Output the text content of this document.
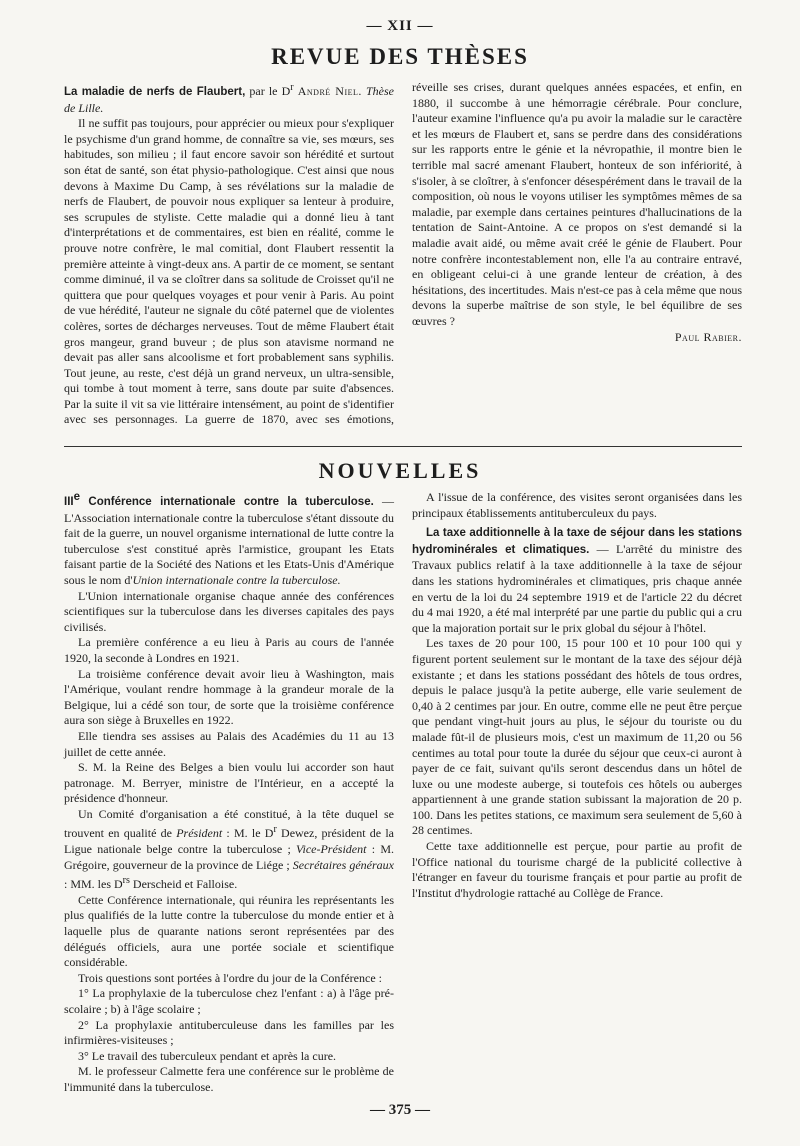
— XII —
REVUE DES THÈSES

La maladie de nerfs de Flaubert, par le $D^r$ André Niel. Thèse de Lille.

Il ne suffit pas toujours, pour apprécier ou mieux pour s'expliquer le psychisme d'un grand homme, de connaître sa vie, ses mœurs, ses habitudes, son milieu ; il faut encore savoir son hérédité et surtout son état de santé, son état physio-pathologique. C'est ainsi que nous devons à Maxime Du Camp, à ses révélations sur la maladie de nerfs de Flaubert, de pouvoir nous expliquer sa lenteur à produire, ses scrupules de styliste. Cette maladie qui a donné lieu à tant d'interprétations et de commentaires, est bien en réalité, comme le prouve notre confrère, le mal comitial, dont Flaubert ressentit la première atteinte à vingt-deux ans. A partir de ce moment, se sentant comme diminué, il va se cloîtrer dans sa solitude de Croisset qu'il ne quittera que pour quelques voyages et pour venir à Paris. Au point de vue hérédité, l'auteur ne signale du côté paternel que de violentes colères, sortes de décharges nerveuses. Tout de même Flaubert était gros mangeur, grand buveur ; de plus son atavisme normand ne devait pas aller sans alcoolisme et fort probablement sans syphilis. Tout jeune, au reste, c'est déjà un grand nerveux, un ultra-sensible, qui tombe à tout moment à terre, sans doute par suite d'absences. Par la suite il vit sa vie littéraire intensément, au point de s'identifier avec ses personnages. La guerre de 1870, avec ses émotions, réveille ses crises, durant quelques années espacées, et enfin, en 1880, il succombe à une hémorragie cérébrale. Pour conclure, l'auteur examine l'influence qu'a pu avoir la maladie sur le caractère et les mœurs de Flaubert et, sans se perdre dans des considérations sur les rapports entre le génie et la névropathie, il montre bien le terrible mal sacré amenant Flaubert, honteux de son infériorité, à s'isoler, à se cloîtrer, à s'enfoncer désespérément dans le travail de la composition, où nous le voyons utiliser les symptômes mêmes de sa maladie, par exemple dans certaines peintures d'hallucinations de la tentation de Saint-Antoine. A ce propos on s'est demandé si la maladie avait aidé, ou même avait créé le génie de Flaubert. Pour notre confrère incontestablement non, elle l'a au contraire entravé, en obligeant celui-ci à une grande lenteur de création, à des hésitations, des incertitudes. Mais n'est-ce pas à cela même que nous devons la superbe maîtrise de son style, le bel équilibre de ses œuvres ?

Paul Rabier.

NOUVELLES

IIIe Conférence internationale contre la tuberculose. — L'Association internationale contre la tuberculose s'étant dissoute du fait de la guerre, un nouvel organisme international de lutte contre la tuberculose s'est constitué après l'armistice, groupant les Etats faisant partie de la Société des Nations et les Etats-Unis d'Amérique sous le nom d'Union internationale contre la tuberculose.

L'Union internationale organise chaque année des conférences scientifiques sur la tuberculose dans les diverses capitales des pays civilisés.

La première conférence a eu lieu à Paris au cours de l'année 1920, la seconde à Londres en 1921.

La troisième conférence devait avoir lieu à Washington, mais l'Amérique, voulant rendre hommage à la grandeur morale de la Belgique, lui a cédé son tour, de sorte que la troisième conférence aura son siège à Bruxelles en 1922.

Elle tiendra ses assises au Palais des Académies du 11 au 13 juillet de cette année.

S. M. la Reine des Belges a bien voulu lui accorder son haut patronage. M. Berryer, ministre de l'Intérieur, en a accepté la présidence d'honneur.

Un Comité d'organisation a été constitué, à la tête duquel se trouvent en qualité de Président : M. le $D^r$ Dewez, président de la Ligue nationale belge contre la tuberculose ; Vice-Président : M. Grégoire, gouverneur de la province de Liége ; Secrétaires généraux : MM. les $D^{rs}$ Derscheid et Falloise.

Cette Conférence internationale, qui réunira les représentants les plus qualifiés de la lutte contre la tuberculose du monde entier et à laquelle plus de quarante nations seront représentées par des délégués officiels, aura une portée sociale et scientifique considérable.

Trois questions sont portées à l'ordre du jour de la Conférence :

1° La prophylaxie de la tuberculose chez l'enfant : a) à l'âge pré-scolaire ; b) à l'âge scolaire ;

2° La prophylaxie antituberculeuse dans les familles par les infirmières-visiteuses ;

3° Le travail des tuberculeux pendant et après la cure.

M. le professeur Calmette fera une conférence sur le problème de l'immunité dans la tuberculose.

A l'issue de la conférence, des visites seront organisées dans les principaux établissements antituberculeux du pays.

La taxe additionnelle à la taxe de séjour dans les stations hydrominérales et climatiques. — L'arrêté du ministre des Travaux publics relatif à la taxe additionnelle à la taxe de séjour dans les stations hydrominérales et climatiques, pris chaque année en vertu de la loi du 24 septembre 1919 et de l'article 22 du décret du 4 mai 1920, a été mal interprété par une partie du public qui a cru que la majoration portait sur le prix global du séjour à l'hôtel.

Les taxes de 20 pour 100, 15 pour 100 et 10 pour 100 qui y figurent portent seulement sur le montant de la taxe des séjour déjà existante ; et dans les stations possédant des hôtels de tous ordres, depuis le palace jusqu'à la petite auberge, elle varie seulement de 0,40 à 2 centimes par jour. En outre, comme elle ne peut être perçue que pendant vingt-huit jours au plus, le séjour du touriste ou du malade fût-il de plusieurs mois, c'est un maximum de 11,20 ou 56 centimes au total pour toute la durée du séjour que ceux-ci auront à payer de ce fait, suivant qu'ils seront descendus dans un hôtel de luxe ou une modeste auberge, si toutefois ces hôtels ou auberges appartiennent à une grande station subissant la majoration de 20 p. 100. Dans les petites stations, ce maximum sera seulement de 5,60 à 28 centimes.

Cette taxe additionnelle est perçue, pour partie au profit de l'Office national du tourisme chargé de la publicité collective à l'étranger en faveur du tourisme français et pour partie au profit de l'Institut d'hydrologie rattaché au Collège de France.

— 375 —
